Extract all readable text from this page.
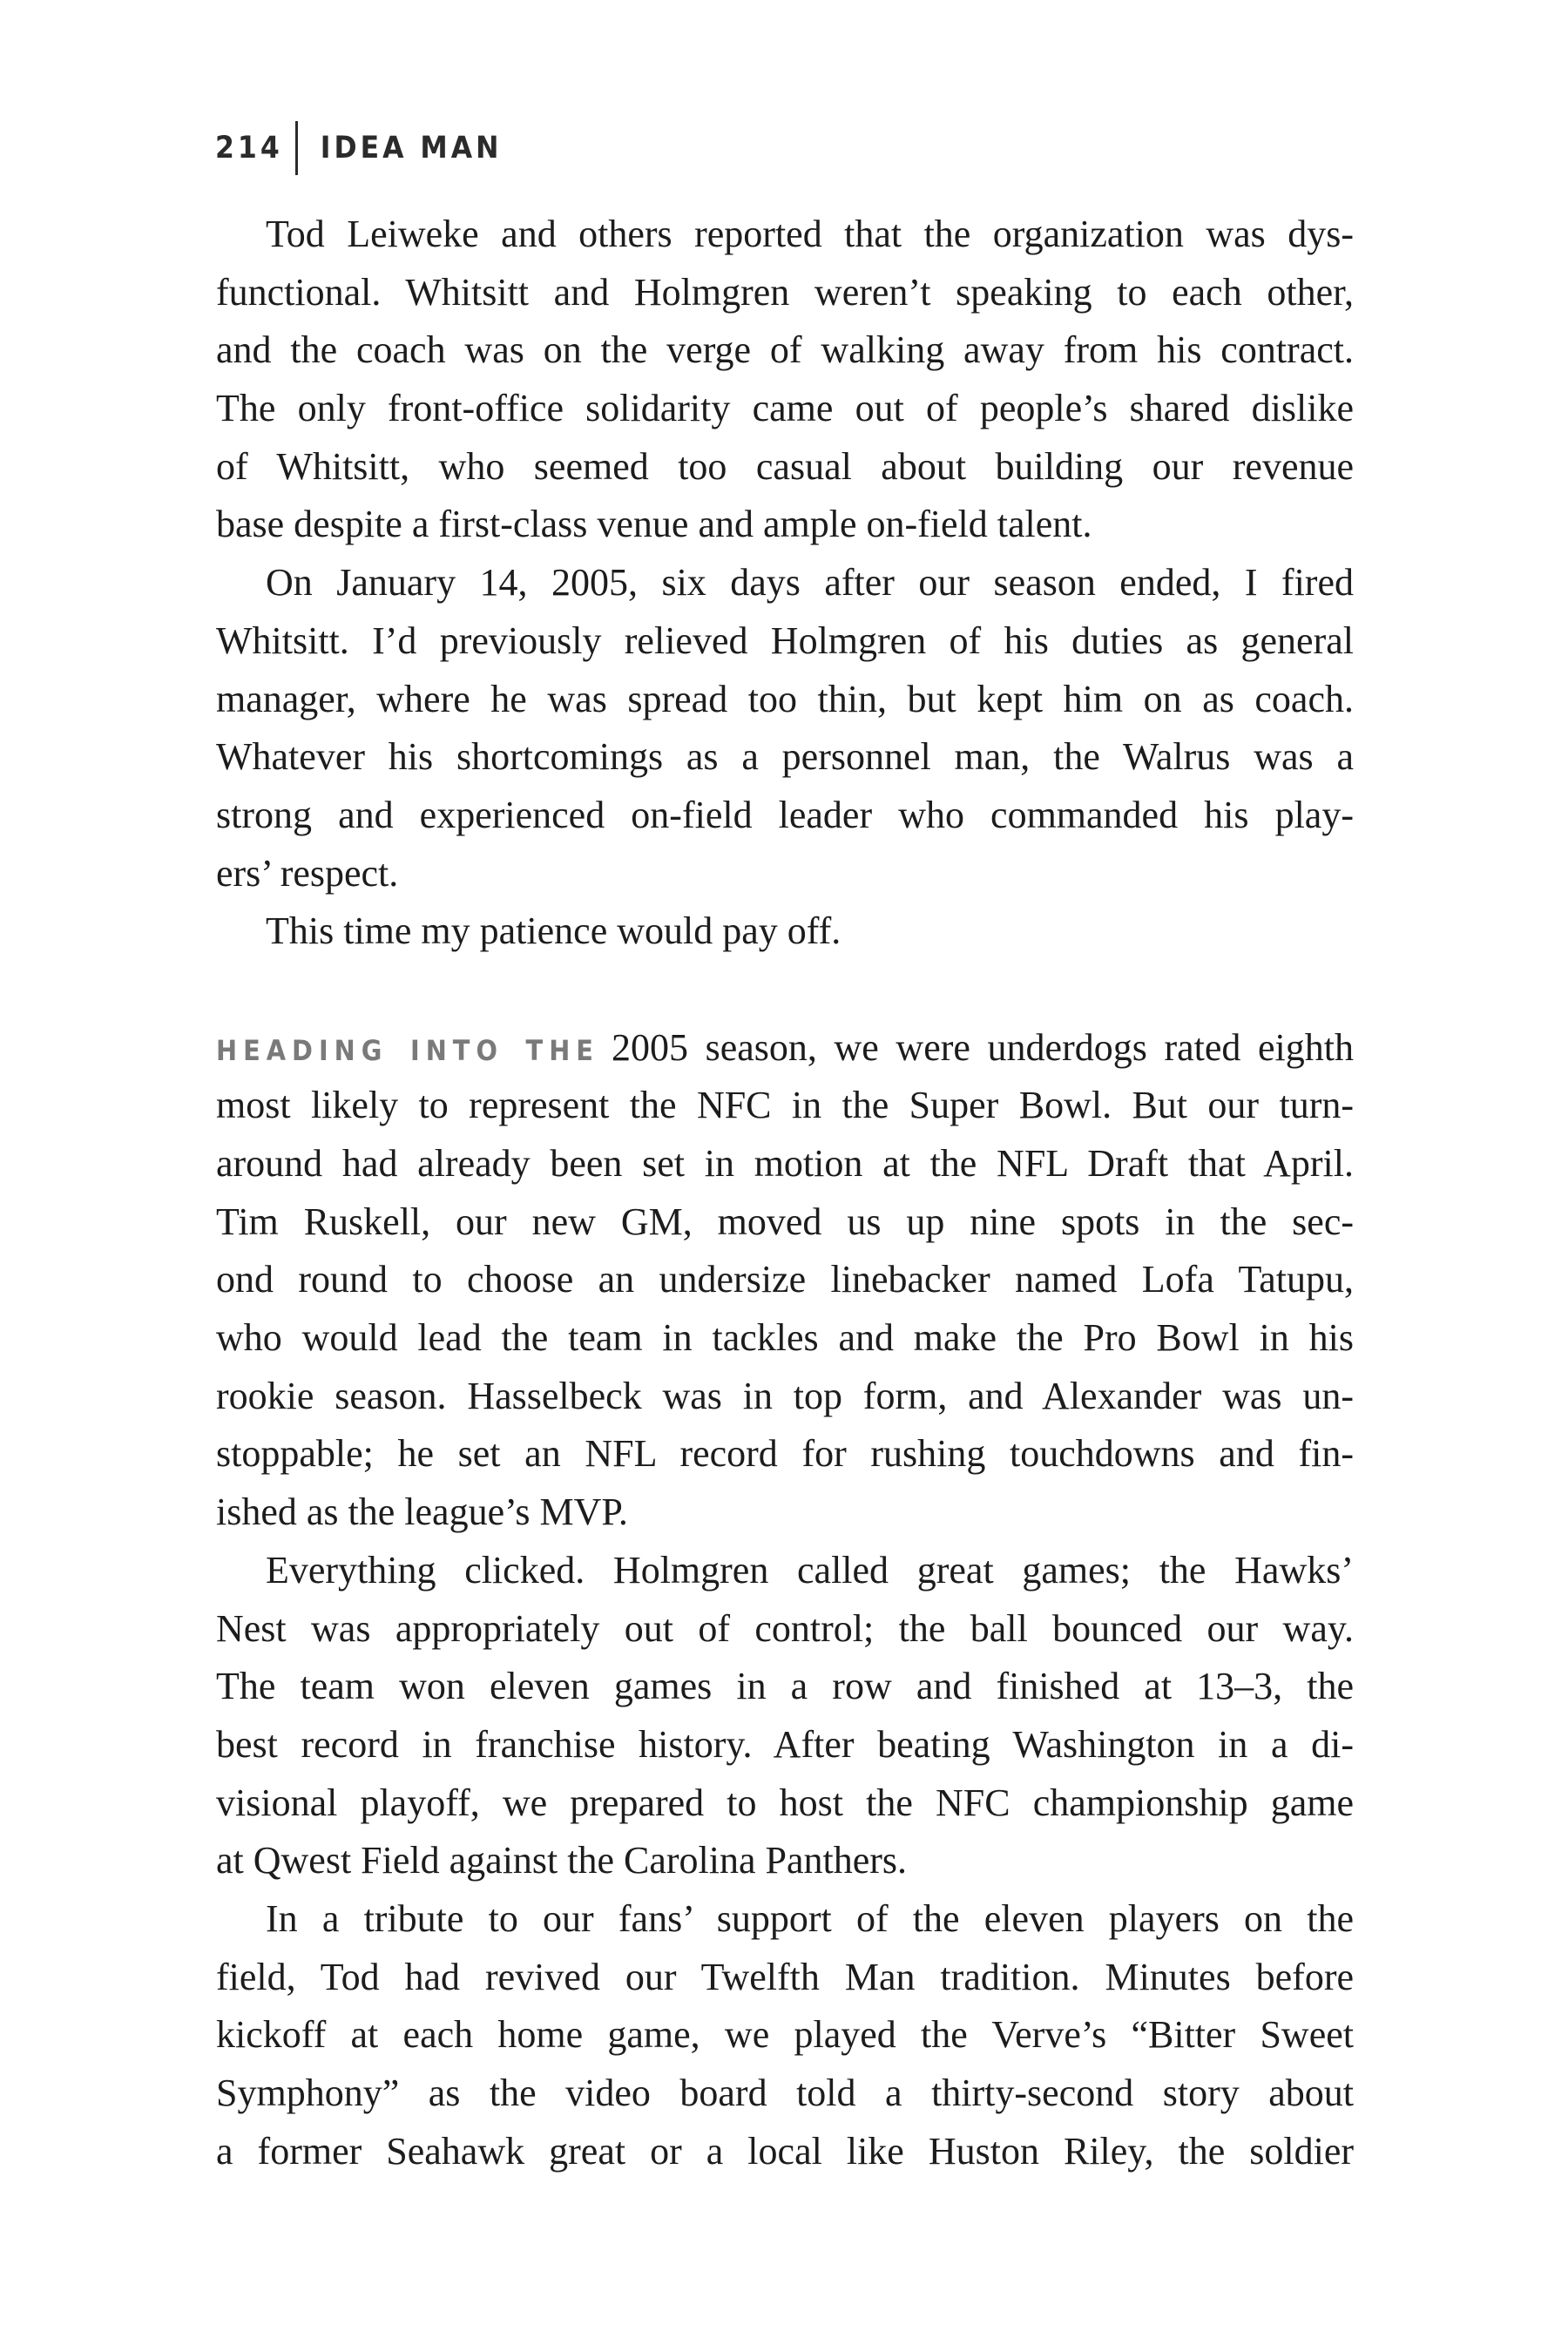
214 IDEA MAN
Tod Leiweke and others reported that the organization was dys-
functional. Whitsitt and Holmgren weren’t speaking to each other,
and the coach was on the verge of walking away from his contract.
The only front-office solidarity came out of people’s shared dislike
of Whitsitt, who seemed too casual about building our revenue
base despite a first-class venue and ample on-field talent.
On January 14, 2005, six days after our season ended, I fired
Whitsitt. I’d previously relieved Holmgren of his duties as general
manager, where he was spread too thin, but kept him on as coach.
Whatever his shortcomings as a personnel man, the Walrus was a
strong and experienced on-field leader who commanded his play-
ers’ respect.
This time my patience would pay off.
HEADING INTO THE 2005 season, we were underdogs rated eighth
most likely to represent the NFC in the Super Bowl. But our turn-
around had already been set in motion at the NFL Draft that April.
Tim Ruskell, our new GM, moved us up nine spots in the sec-
ond round to choose an undersize linebacker named Lofa Tatupu,
who would lead the team in tackles and make the Pro Bowl in his
rookie season. Hasselbeck was in top form, and Alexander was un-
stoppable; he set an NFL record for rushing touchdowns and fin-
ished as the league’s MVP.
Everything clicked. Holmgren called great games; the Hawks’
Nest was appropriately out of control; the ball bounced our way.
The team won eleven games in a row and finished at 13–3, the
best record in franchise history. After beating Washington in a di-
visional playoff, we prepared to host the NFC championship game
at Qwest Field against the Carolina Panthers.
In a tribute to our fans’ support of the eleven players on the
field, Tod had revived our Twelfth Man tradition. Minutes before
kickoff at each home game, we played the Verve’s “Bitter Sweet
Symphony” as the video board told a thirty-second story about
a former Seahawk great or a local like Huston Riley, the soldier
